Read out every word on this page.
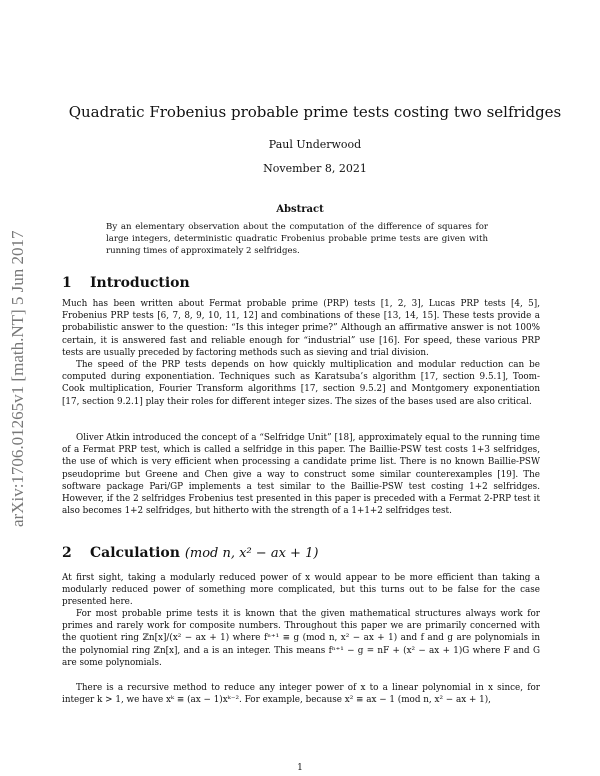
arXiv:1706.01265v1 [math.NT] 5 Jun 2017
Quadratic Frobenius probable prime tests costing two selfridges
Paul Underwood
November 8, 2021
Abstract
By an elementary observation about the computation of the difference of squares for large integers, deterministic quadratic Frobenius probable prime tests are given with running times of approximately 2 selfridges.
1 Introduction
Much has been written about Fermat probable prime (PRP) tests [1, 2, 3], Lucas PRP tests [4, 5], Frobenius PRP tests [6, 7, 8, 9, 10, 11, 12] and combinations of these [13, 14, 15]. These tests provide a probabilistic answer to the question: “Is this integer prime?” Although an affirmative answer is not 100% certain, it is answered fast and reliable enough for “industrial” use [16]. For speed, these various PRP tests are usually preceded by factoring methods such as sieving and trial division.
The speed of the PRP tests depends on how quickly multiplication and modular reduction can be computed during exponentiation. Techniques such as Karatsuba’s algorithm [17, section 9.5.1], Toom-Cook multiplication, Fourier Transform algorithms [17, section 9.5.2] and Montgomery exponentiation [17, section 9.2.1] play their roles for different integer sizes. The sizes of the bases used are also critical.
Oliver Atkin introduced the concept of a “Selfridge Unit” [18], approximately equal to the running time of a Fermat PRP test, which is called a selfridge in this paper. The Baillie-PSW test costs 1+3 selfridges, the use of which is very efficient when processing a candidate prime list. There is no known Baillie-PSW pseudoprime but Greene and Chen give a way to construct some similar counterexamples [19]. The software package Pari/GP implements a test similar to the Baillie-PSW test costing 1+2 selfridges. However, if the 2 selfridges Frobenius test presented in this paper is preceded with a Fermat 2-PRP test it also becomes 1+2 selfridges, but hitherto with the strength of a 1+1+2 selfridges test.
2 Calculation (mod n, x² − ax + 1)
At first sight, taking a modularly reduced power of x would appear to be more efficient than taking a modularly reduced power of something more complicated, but this turns out to be false for the case presented here.
For most probable prime tests it is known that the given mathematical structures always work for primes and rarely work for composite numbers. Throughout this paper we are primarily concerned with the quotient ring ℤn[x]/(x² − ax + 1) where fⁿ⁺¹ ≡ g (mod n, x² − ax + 1) and f and g are polynomials in the polynomial ring ℤn[x], and a is an integer. This means fⁿ⁺¹ − g = nF + (x² − ax + 1)G where F and G are some polynomials.
There is a recursive method to reduce any integer power of x to a linear polynomial in x since, for integer k > 1, we have xᵏ ≡ (ax − 1)xᵏ⁻². For example, because x² ≡ ax − 1 (mod n, x² − ax + 1),
1
